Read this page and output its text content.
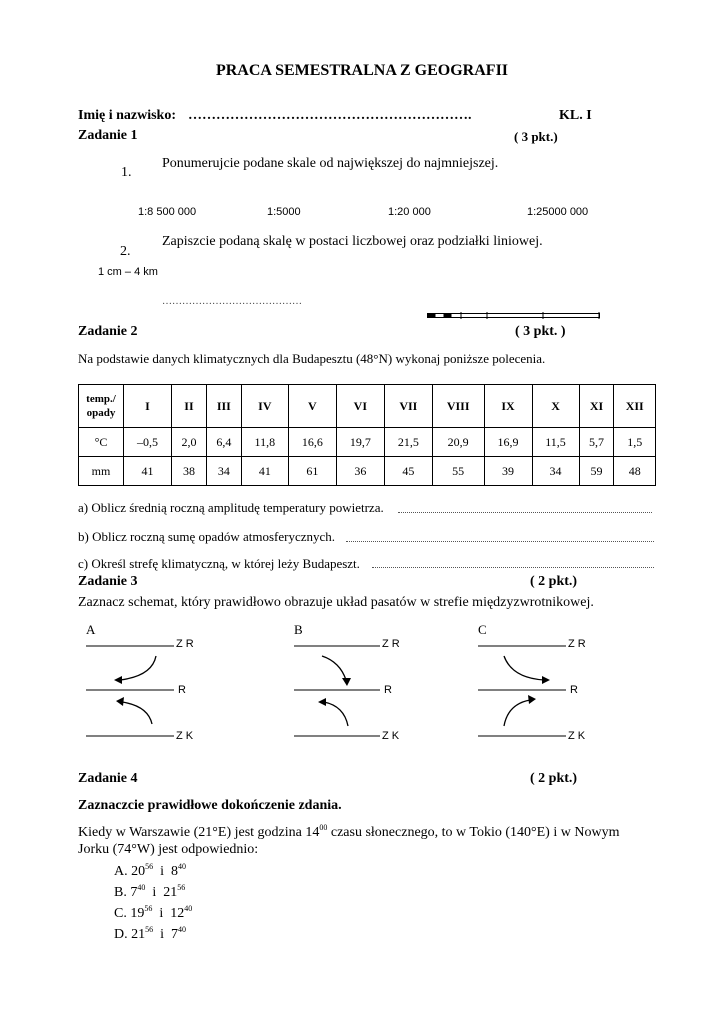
PRACA SEMESTRALNA Z GEOGRAFII
Imię i nazwisko: …………………………………………………….	KL. I
Zadanie 1	( 3 pkt.)
1.
Ponumerujcie podane skale od największej do najmniejszej.
1:8 500 000	1:5000	1:20 000	1:25000 000
2.
Zapiszcie podaną skalę w postaci liczbowej oraz podziałki liniowej.
1 cm – 4 km
……………………………………
Zadanie 2	( 3 pkt. )
Na podstawie danych klimatycznych dla Budapesztu (48°N) wykonaj poniższe polecenia.
temp./
opady	I	II	III	IV	V	VI	VII	VIII	IX	X	XI	XII
°C	–0,5	2,0	6,4	11,8	16,6	19,7	21,5	20,9	16,9	11,5	5,7	1,5
mm	41	38	34	41	61	36	45	55	39	34	59	48
a) Oblicz średnią roczną amplitudę temperatury powietrza.
b) Oblicz roczną sumę opadów atmosferycznych.
c) Określ strefę klimatyczną, w której leży Budapeszt.
Zadanie 3	( 2 pkt.)
Zaznacz schemat, który prawidłowo obrazuje układ pasatów w strefie międzyzwrotnikowej.
A
Z R
R
Z K
B
Z R
R
Z K
C
Z R
R
Z K
Zadanie 4	( 2 pkt.)
Zaznaczcie prawidłowe dokończenie zdania.
Kiedy w Warszawie (21°E) jest godzina $14^{00}$ czasu słonecznego, to w Tokio (140°E) i w Nowym
Jorku (74°W) jest odpowiednio:
A. $20^{56}$  i  $8^{40}$
B. $7^{40}$  i  $21^{56}$
C. $19^{56}$  i  $12^{40}$
D. $21^{56}$  i  $7^{40}$
